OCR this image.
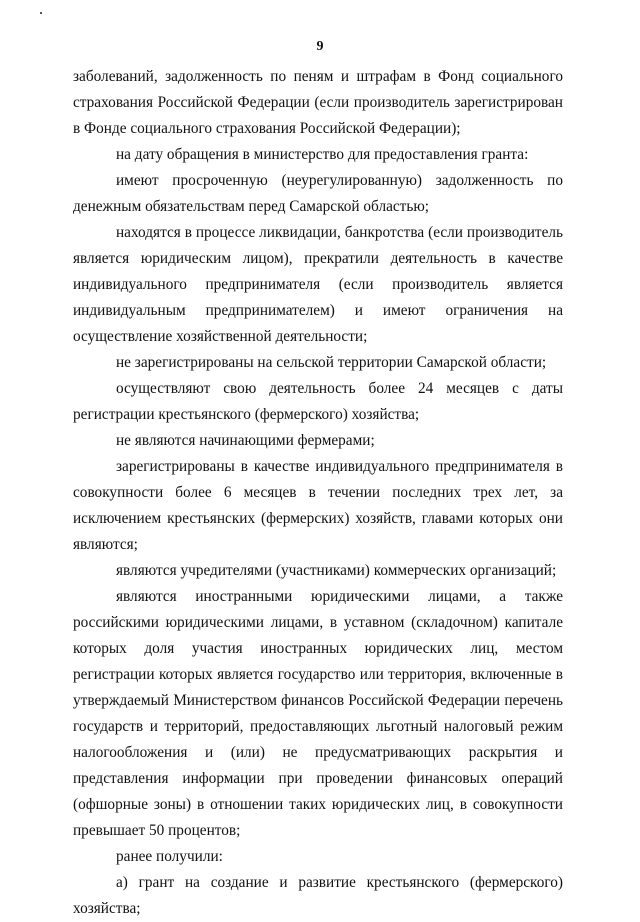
9

заболеваний, задолженность по пеням и штрафам в Фонд социального страхования Российской Федерации (если производитель зарегистрирован в Фонде социального страхования Российской Федерации);

на дату обращения в министерство для предоставления гранта:

имеют просроченную (неурегулированную) задолженность по денежным обязательствам перед Самарской областью;

находятся в процессе ликвидации, банкротства (если производитель является юридическим лицом), прекратили деятельность в качестве индивидуального предпринимателя (если производитель является индивидуальным предпринимателем) и имеют ограничения на осуществление хозяйственной деятельности;

не зарегистрированы на сельской территории Самарской области;

осуществляют свою деятельность более 24 месяцев с даты регистрации крестьянского (фермерского) хозяйства;

не являются начинающими фермерами;

зарегистрированы в качестве индивидуального предпринимателя в совокупности более 6 месяцев в течении последних трех лет, за исключением крестьянских (фермерских) хозяйств, главами которых они являются;

являются учредителями (участниками) коммерческих организаций;

являются иностранными юридическими лицами, а также российскими юридическими лицами, в уставном (складочном) капитале которых доля участия иностранных юридических лиц, местом регистрации которых является государство или территория, включенные в утверждаемый Министерством финансов Российской Федерации перечень государств и территорий, предоставляющих льготный налоговый режим налогообложения и (или) не предусматривающих раскрытия и представления информации при проведении финансовых операций (офшорные зоны) в отношении таких юридических лиц, в совокупности превышает 50 процентов;

ранее получили:

а) грант на создание и развитие крестьянского (фермерского) хозяйства;
